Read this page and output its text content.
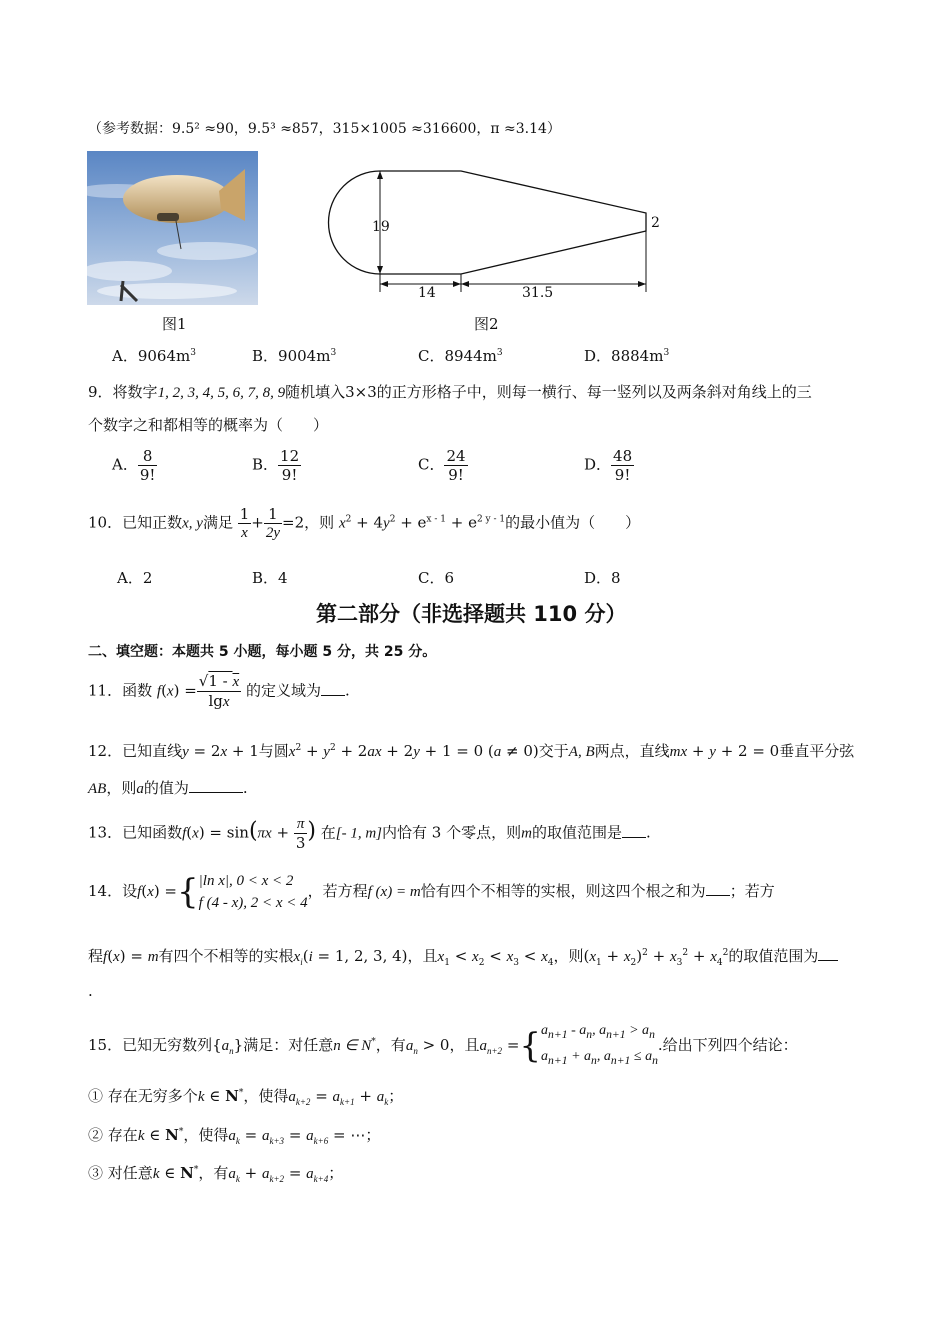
（参考数据：9.5² ≈90，9.5³ ≈857，315×1005 ≈316600，π ≈3.14）
图1
19	2
14	31.5
图2
A．$9064m^3$	B．$9004m^3$	C．$8944m^3$	D．$8884m^3$
9．将数字1, 2, 3, 4, 5, 6, 7, 8, 9随机填入3×3的正方形格子中，则每一横行、每一竖列以及两条斜对角线上的三
个数字之和都相等的概率为（　　）
A． $\frac{8}{9!}$	B． $\frac{12}{9!}$	C． $\frac{24}{9!}$	D． $\frac{48}{9!}$
10．已知正数x, y满足 $\frac{1}{x} + \frac{1}{2y} =2$，则 $x^2 + 4y^2 + e^{x - 1} + e^{2 y - 1}$的最小值为（　　）
A．2	B．4	C．6	D．8
第二部分（非选择题共 110 分）
二、填空题：本题共 5 小题，每小题 5 分，共 25 分。
11．函数 $f(x) = \frac{√1 - x}{\lg x}$ 的定义域为 .
12．已知直线y = 2x + 1与圆$x^2 + y^2 + 2ax + 2y + 1 = 0$ (a ≠ 0)交于A, B两点，直线mx + y + 2 = 0垂直平分弦
AB，则a的值为	.
13．已知函数$f(x) = \sin(\pi x + \frac{\pi}{3}$ ) 在[- 1, m]内恰有 3 个零点，则m的取值范围是 .
14．设f(x) ={ |ln x|, 0 < x < 2
f (4 - x), 2 < x < 4
，若方程f (x) = m恰有四个不相等的实根，则这四个根之和为 ；若方
程f(x) = m有四个不相等的实根$x_i(i = 1$, 2, 3, 4)，且$x_1 < x_2 < x_3 < x_4$，则$(x_1 + x_2)^2 + x_3^2 + x_4^2$的取值范围为
.
15．已知无穷数列$\{a_n\}$满足：对任意n ∈ N*，有$a_n > 0$，且$a_{n+2}$ ={ $a_{n+1} - a_n$, $a_{n+1} > a_n$
$a_{n+1} + a_n$, $a_{n+1} \le a_n$
.给出下列四个结论：
① 存在无穷多个k ∈ N*，使得$a_{k+2} = a_{k+1} + a_k$；
② 存在k ∈ N*，使得$a_k = a_{k+3} = a_{k+6}$ = ⋯；
③ 对任意k ∈ N*，有$a_k + a_{k+2} = a_{k+4}$；
